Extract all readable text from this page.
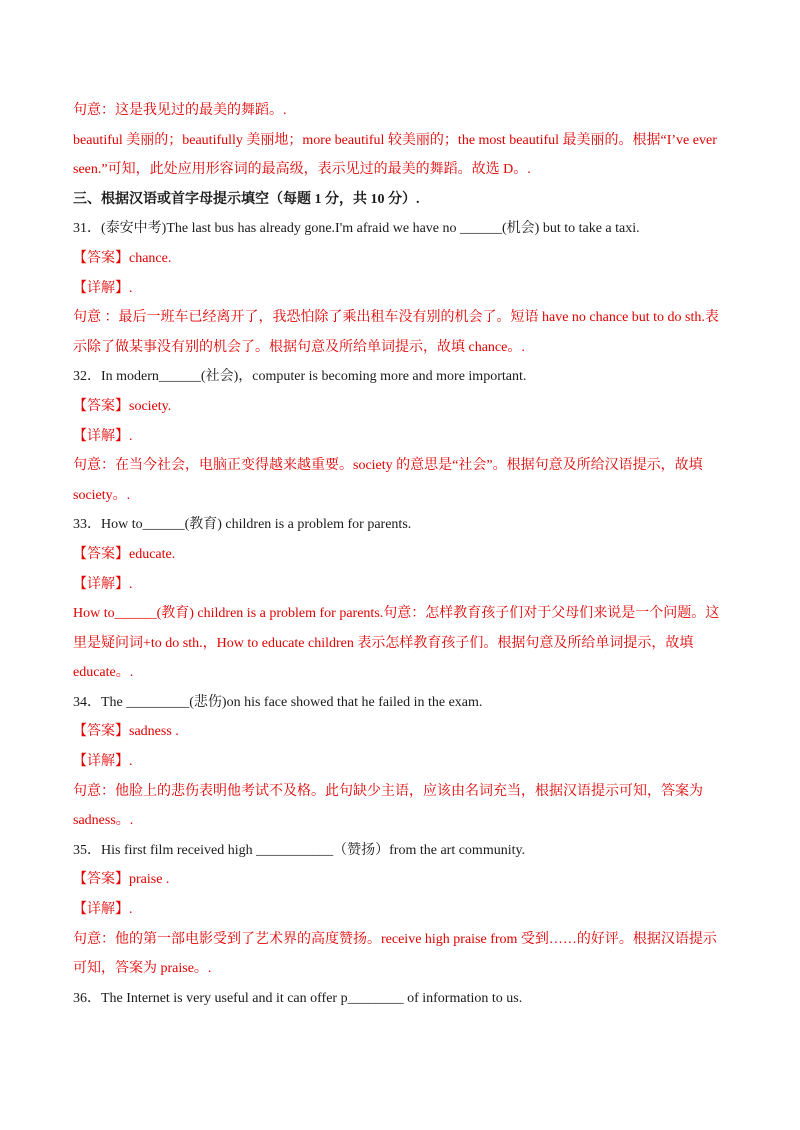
句意：这是我见过的最美的舞蹈。.
beautiful 美丽的；beautifully 美丽地；more beautiful 较美丽的；the most beautiful 最美丽的。根据“I’ve ever
seen.”可知，此处应用形容词的最高级，表示见过的最美的舞蹈。故选 D。.
三、根据汉语或首字母提示填空（每题 1 分，共 10 分）.
31．(泰安中考)The last bus has already gone.I'm afraid we have no ______(机会) but to take a taxi.
【答案】chance.
【详解】.
句意 ：最后一班车已经离开了，我恐怕除了乘出租车没有别的机会了。短语 have no chance but to do sth.表
示除了做某事没有别的机会了。根据句意及所给单词提示，故填 chance。.
32．In modern______(社会)，computer is becoming more and more important.
【答案】society.
【详解】.
句意：在当今社会，电脑正变得越来越重要。society 的意思是“社会”。根据句意及所给汉语提示，故填
society。.
33．How to______(教育) children is a problem for parents.
【答案】educate.
【详解】.
How to______(教育) children is a problem for parents.句意：怎样教育孩子们对于父母们来说是一个问题。这
里是疑问词+to do sth.，How to educate children 表示怎样教育孩子们。根据句意及所给单词提示，故填
educate。.
34．The _________(悲伤)on his face showed that he failed in the exam.
【答案】sadness .
【详解】.
句意：他脸上的悲伤表明他考试不及格。此句缺少主语，应该由名词充当，根据汉语提示可知，答案为
sadness。.
35．His first film received high ___________（赞扬）from the art community.
【答案】praise .
【详解】.
句意：他的第一部电影受到了艺术界的高度赞扬。receive high praise from 受到……的好评。根据汉语提示
可知，答案为 praise。.
36．The Internet is very useful and it can offer p________ of information to us.
